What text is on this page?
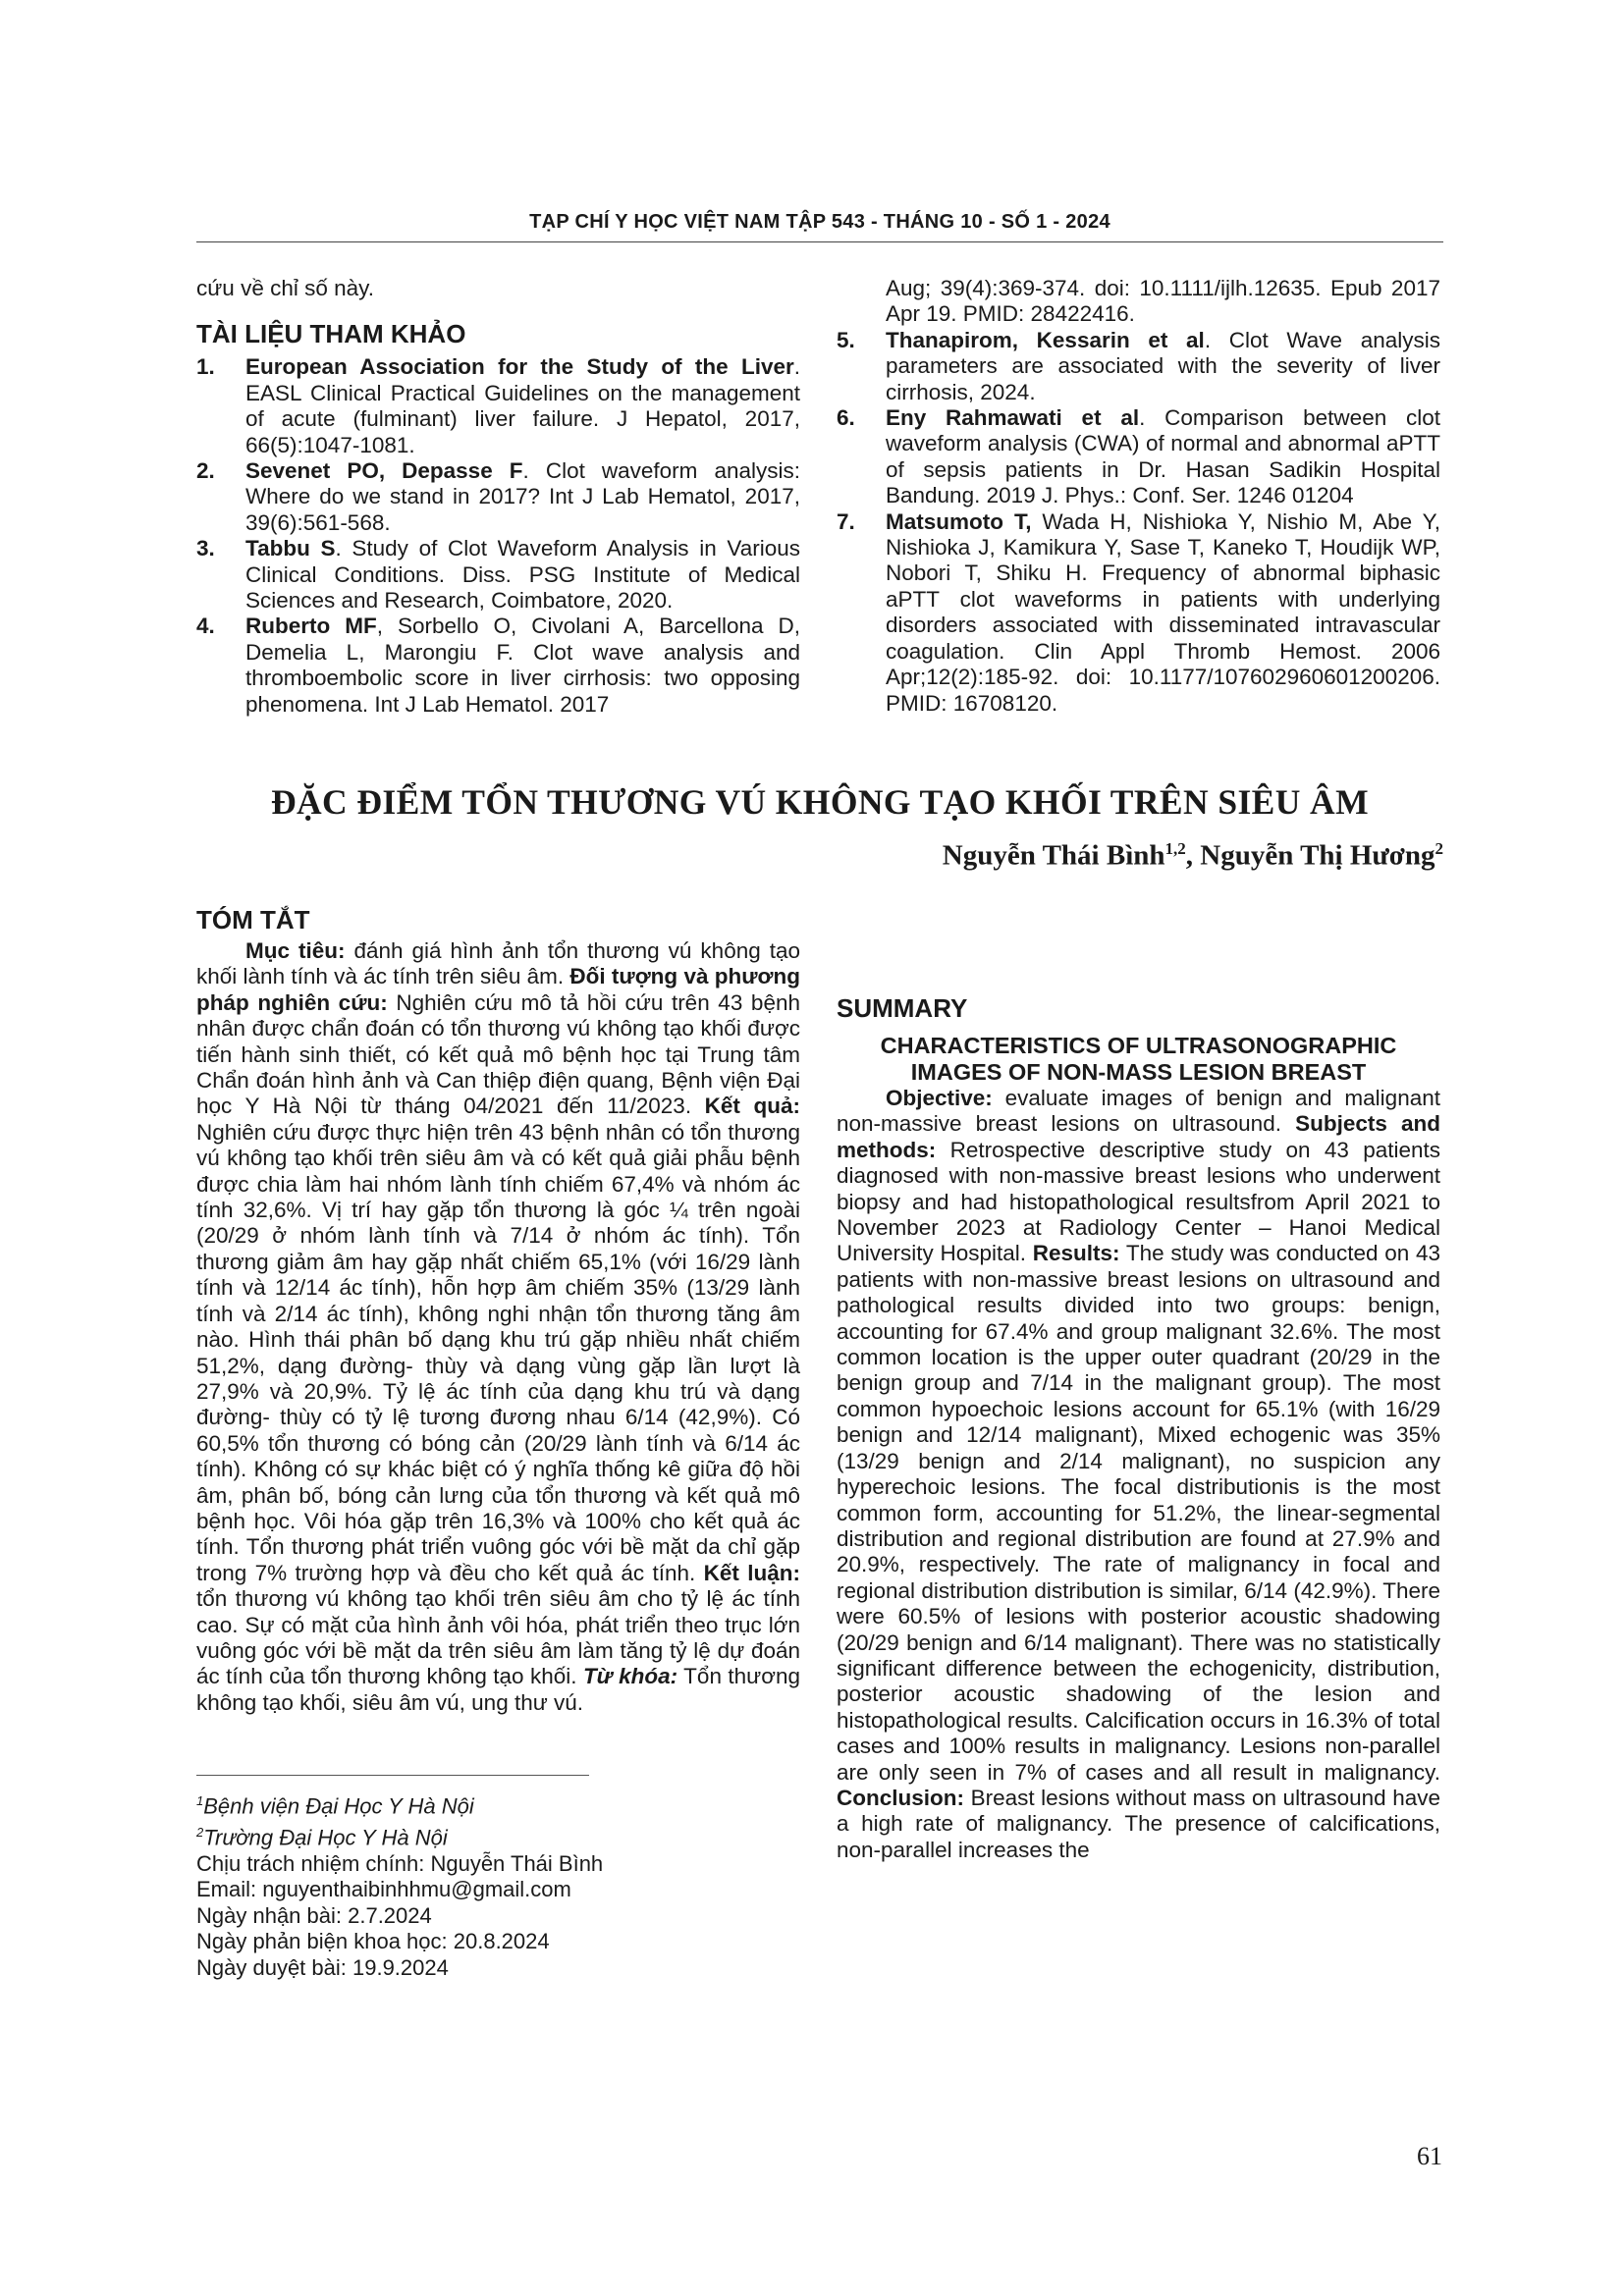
TẠP CHÍ Y HỌC VIỆT NAM TẬP 543 - THÁNG 10 - SỐ 1 - 2024

cứu về chỉ số này.

TÀI LIỆU THAM KHẢO

1. European Association for the Study of the Liver. EASL Clinical Practical Guidelines on the management of acute (fulminant) liver failure. J Hepatol, 2017, 66(5):1047-1081.
2. Sevenet PO, Depasse F. Clot waveform analysis: Where do we stand in 2017? Int J Lab Hematol, 2017, 39(6):561-568.
3. Tabbu S. Study of Clot Waveform Analysis in Various Clinical Conditions. Diss. PSG Institute of Medical Sciences and Research, Coimbatore, 2020.
4. Ruberto MF, Sorbello O, Civolani A, Barcellona D, Demelia L, Marongiu F. Clot wave analysis and thromboembolic score in liver cirrhosis: two opposing phenomena. Int J Lab Hematol. 2017
Aug; 39(4):369-374. doi: 10.1111/ijlh.12635. Epub 2017 Apr 19. PMID: 28422416.
5. Thanapirom, Kessarin et al. Clot Wave analysis parameters are associated with the severity of liver cirrhosis, 2024.
6. Eny Rahmawati et al. Comparison between clot waveform analysis (CWA) of normal and abnormal aPTT of sepsis patients in Dr. Hasan Sadikin Hospital Bandung. 2019 J. Phys.: Conf. Ser. 1246 01204
7. Matsumoto T, Wada H, Nishioka Y, Nishio M, Abe Y, Nishioka J, Kamikura Y, Sase T, Kaneko T, Houdijk WP, Nobori T, Shiku H. Frequency of abnormal biphasic aPTT clot waveforms in patients with underlying disorders associated with disseminated intravascular coagulation. Clin Appl Thromb Hemost. 2006 Apr;12(2):185-92. doi: 10.1177/107602960601200206. PMID: 16708120.
ĐẶC ĐIỂM TỔN THƯƠNG VÚ KHÔNG TẠO KHỐI TRÊN SIÊU ÂM
Nguyễn Thái Bình$^{1,2}$, Nguyễn Thị Hương$^2$

TÓM TẮT

Mục tiêu: đánh giá hình ảnh tổn thương vú không tạo khối lành tính và ác tính trên siêu âm. Đối tượng và phương pháp nghiên cứu: Nghiên cứu mô tả hồi cứu trên 43 bệnh nhân được chẩn đoán có tổn thương vú không tạo khối được tiến hành sinh thiết, có kết quả mô bệnh học tại Trung tâm Chẩn đoán hình ảnh và Can thiệp điện quang, Bệnh viện Đại học Y Hà Nội từ tháng 04/2021 đến 11/2023. Kết quả: Nghiên cứu được thực hiện trên 43 bệnh nhân có tổn thương vú không tạo khối trên siêu âm và có kết quả giải phẫu bệnh được chia làm hai nhóm lành tính chiếm 67,4% và nhóm ác tính 32,6%. Vị trí hay gặp tổn thương là góc ¼ trên ngoài (20/29 ở nhóm lành tính và 7/14 ở nhóm ác tính). Tổn thương giảm âm hay gặp nhất chiếm 65,1% (với 16/29 lành tính và 12/14 ác tính), hỗn hợp âm chiếm 35% (13/29 lành tính và 2/14 ác tính), không nghi nhận tổn thương tăng âm nào. Hình thái phân bố dạng khu trú gặp nhiều nhất chiếm 51,2%, dạng đường- thùy và dạng vùng gặp lần lượt là 27,9% và 20,9%. Tỷ lệ ác tính của dạng khu trú và dạng đường- thùy có tỷ lệ tương đương nhau 6/14 (42,9%). Có 60,5% tổn thương có bóng cản (20/29 lành tính và 6/14 ác tính). Không có sự khác biệt có ý nghĩa thống kê giữa độ hồi âm, phân bố, bóng cản lưng của tổn thương và kết quả mô bệnh học. Vôi hóa gặp trên 16,3% và 100% cho kết quả ác tính. Tổn thương phát triển vuông góc với bề mặt da chỉ gặp trong 7% trường hợp và đều cho kết quả ác tính. Kết luận: tổn thương vú không tạo khối trên siêu âm cho tỷ lệ ác tính cao. Sự có mặt của hình ảnh vôi hóa, phát triển theo trục lớn vuông góc với bề mặt da trên siêu âm làm tăng tỷ lệ dự đoán ác tính của tổn thương không tạo khối. Từ khóa: Tổn thương không tạo khối, siêu âm vú, ung thư vú.

SUMMARY

CHARACTERISTICS OF ULTRASONOGRAPHIC IMAGES OF NON-MASS LESION BREAST

Objective: evaluate images of benign and malignant non-massive breast lesions on ultrasound. Subjects and methods: Retrospective descriptive study on 43 patients diagnosed with non-massive breast lesions who underwent biopsy and had histopathological resultsfrom April 2021 to November 2023 at Radiology Center – Hanoi Medical University Hospital. Results: The study was conducted on 43 patients with non-massive breast lesions on ultrasound and pathological results divided into two groups: benign, accounting for 67.4% and group malignant 32.6%. The most common location is the upper outer quadrant (20/29 in the benign group and 7/14 in the malignant group). The most common hypoechoic lesions account for 65.1% (with 16/29 benign and 12/14 malignant), Mixed echogenic was 35% (13/29 benign and 2/14 malignant), no suspicion any hyperechoic lesions. The focal distributionis is the most common form, accounting for 51.2%, the linear-segmental distribution and regional distribution are found at 27.9% and 20.9%, respectively. The rate of malignancy in focal and regional distribution distribution is similar, 6/14 (42.9%). There were 60.5% of lesions with posterior acoustic shadowing (20/29 benign and 6/14 malignant). There was no statistically significant difference between the echogenicity, distribution, posterior acoustic shadowing of the lesion and histopathological results. Calcification occurs in 16.3% of total cases and 100% results in malignancy. Lesions non-parallel are only seen in 7% of cases and all result in malignancy. Conclusion: Breast lesions without mass on ultrasound have a high rate of malignancy. The presence of calcifications, non-parallel increases the

$^1$Bệnh viện Đại Học Y Hà Nội
$^2$Trường Đại Học Y Hà Nội
Chịu trách nhiệm chính: Nguyễn Thái Bình
Email: nguyenthaibinhhmu@gmail.com
Ngày nhận bài: 2.7.2024
Ngày phản biện khoa học: 20.8.2024
Ngày duyệt bài: 19.9.2024
61
